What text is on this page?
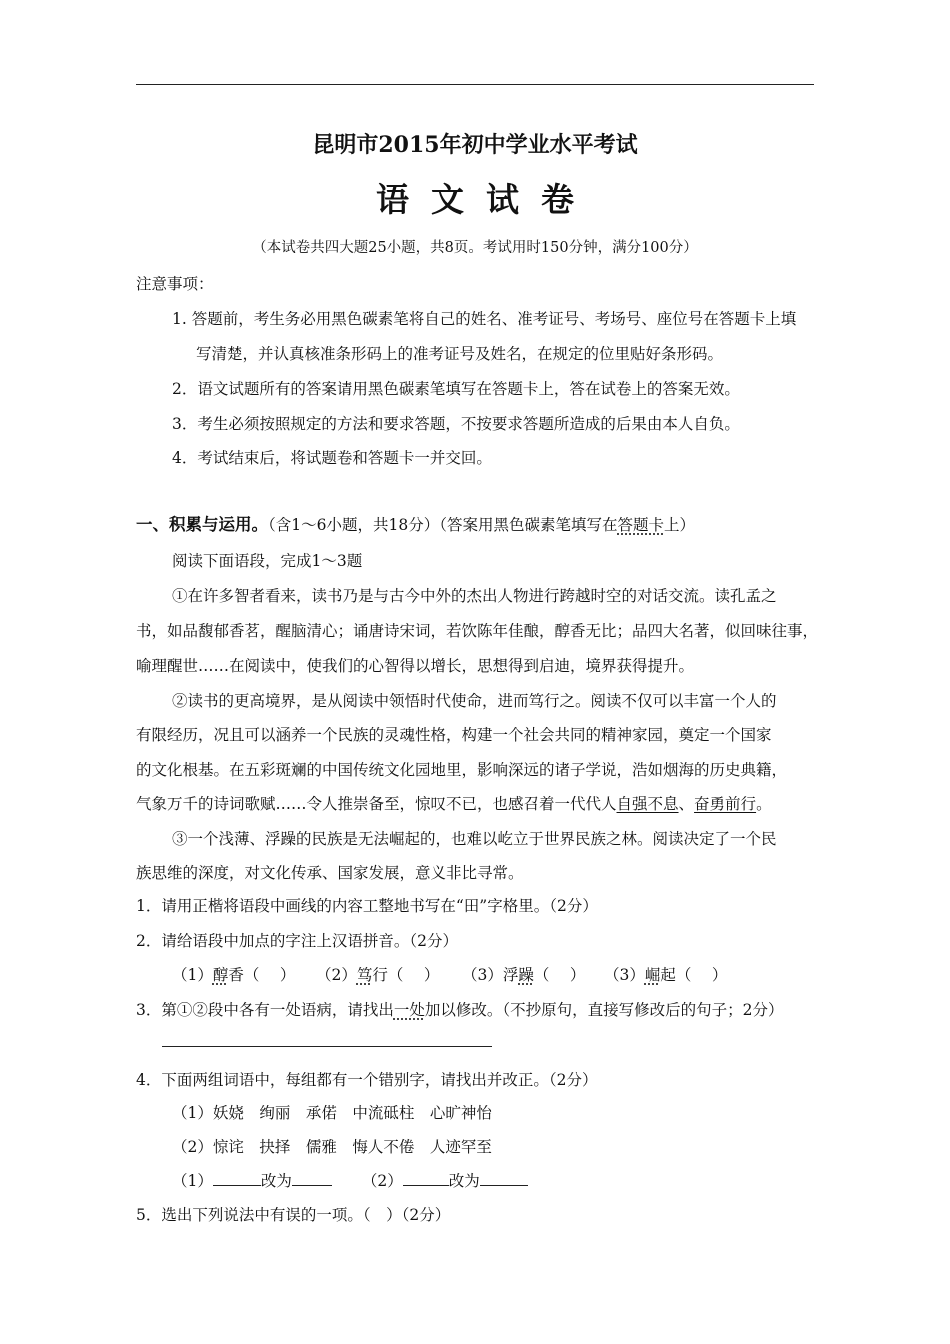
昆明市2015年初中学业水平考试
语文试卷
（本试卷共四大题25小题，共8页。考试用时150分钟，满分100分）
注意事项：
1. 答题前，考生务必用黑色碳素笔将自己的姓名、准考证号、考场号、座位号在答题卡上填
写清楚，并认真核准条形码上的准考证号及姓名，在规定的位里贴好条形码。
2．语文试题所有的答案请用黑色碳素笔填写在答题卡上，答在试卷上的答案无效。
3．考生必须按照规定的方法和要求答题，不按要求答题所造成的后果由本人自负。
4．考试结束后，将试题卷和答题卡一并交回。
一、积累与运用。（含1～6小题，共18分）（答案用黑色碳素笔填写在答题卡上）
阅读下面语段，完成1～3题
①在许多智者看来，读书乃是与古今中外的杰出人物进行跨越时空的对话交流。读孔孟之
书，如品馥郁香茗，醒脑清心；诵唐诗宋词，若饮陈年佳酿，醇香无比；品四大名著，似回味往事，
喻理醒世……在阅读中，使我们的心智得以增长，思想得到启迪，境界获得提升。
②读书的更高境界，是从阅读中领悟时代使命，进而笃行之。阅读不仅可以丰富一个人的
有限经历，况且可以涵养一个民族的灵魂性格，构建一个社会共同的精神家园，奠定一个国家
的文化根基。在五彩斑斓的中国传统文化园地里，影响深远的诸子学说，浩如烟海的历史典籍，
气象万千的诗词歌赋……令人推崇备至，惊叹不已，也感召着一代代人自强不息、奋勇前行。
③一个浅薄、浮躁的民族是无法崛起的，也难以屹立于世界民族之林。阅读决定了一个民
族思维的深度，对文化传承、国家发展，意义非比寻常。
1．请用正楷将语段中画线的内容工整地书写在“田”字格里。（2分）
2．请给语段中加点的字注上汉语拼音。（2分）
（1）醇香（　 ） （2）笃行（　 ） （3）浮躁（　 ） （3）崛起（　 ）
3．第①②段中各有一处语病，请找出一处加以修改。（不抄原句，直接写修改后的句子；2分）
4．下面两组词语中，每组都有一个错别字，请找出并改正。（2分）
（1）妖娆　绚丽　承偌　中流砥柱　心旷神怡
（2）惊诧　抉择　儒雅　悔人不倦　人迹罕至
（1）	改为	（2）	改为
5．选出下列说法中有误的一项。（　）（2分）
